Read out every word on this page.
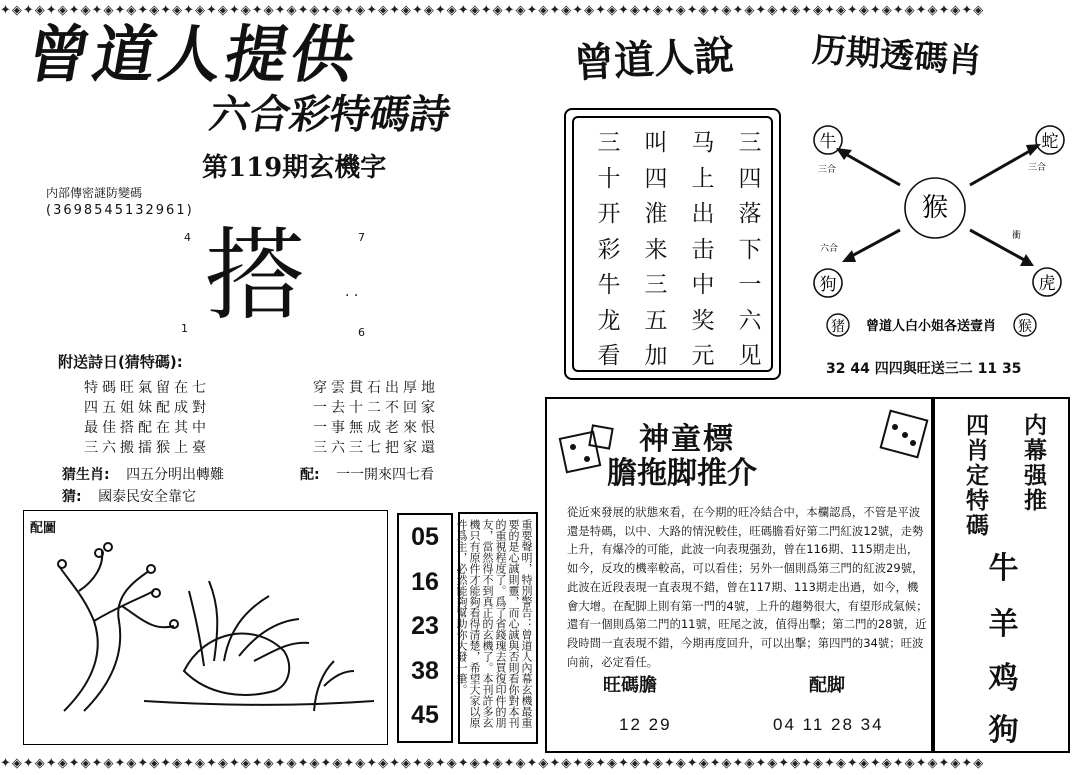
✦◈✦◈✦◈✦◈✦◈✦◈✦◈✦◈✦◈✦◈✦◈✦◈✦◈✦◈✦◈✦◈✦◈✦◈✦◈✦◈✦◈✦◈✦◈✦◈✦◈✦◈✦◈✦◈✦◈✦◈✦◈✦◈✦◈✦◈✦◈✦◈✦◈✦◈✦◈✦◈✦◈✦◈✦◈
曾道人提供
六合彩特碼詩
第119期玄機字
内部傳密謎防變碼
(3698545132961)
4	7
1	6
搭	. .
附送詩日(猜特碼):
特碼旺氣留在七
四五姐妹配成對
最佳搭配在其中
三六搬擂猴上臺
穿雲貫石出厚地
一去十二不回家
一事無成老來恨
三六三七把家還
猜生肖: 四五分明出轉難	配: 一一開來四七看
猜: 國泰民安全靠它
配圖	05
16
23
38
45	重要聲明，特別警告：曾道人內幕玄機最重要的是心誠則靈，而心誠與否則看你對本刊的重視程度了。爲了省錢瑰去買復印件的朋友，當然得不到真正的玄機了。本刊許多玄機只有原件才能夠看得清楚，希望大家以原件爲主，必然能夠幫助你大發一筆。
曾道人說
三	叫	马	三
十	四	上	四
开	淮	出	落
彩	来	击	下
牛	三	中	一
龙	五	奖	六
看	加	元	见
历期透碼肖
猴
牛	蛇
狗	虎
三合	三合
六合
衝
猪 曾道人白小姐各送壹肖 猴
32 44 四四與旺送三二 11 35
神童標
膽拖脚推介
從近來發展的狀態來看，在今期的旺冷結合中，本欄認爲，不管是平波還是特碼，以中、大路的情況較佳，旺碼膽看好第二門紅波12號，走勢上升，有爆冷的可能，此波一向表現强劲，曾在116期、115期走出，如今，反攻的機率較高，可以看佳；另外一個則爲第三門的紅波29號，此波在近段表現一直表現不錯，曾在117期、113期走出過，如今，機會大增。在配脚上則有第一門的4號，上升的趨勢很大，有望形成氣候；還有一個則爲第二門的11號，旺尾之波，值得出擊；第二門的28號，近段時間一直表現不錯，今期再度回升，可以出擊；第四門的34號；旺波向前，必定看任。
旺碼膽	配脚
12 29	04 11 28 34
内幕强推
四肖定特碼
牛
羊
鸡
狗
✦◈✦◈✦◈✦◈✦◈✦◈✦◈✦◈✦◈✦◈✦◈✦◈✦◈✦◈✦◈✦◈✦◈✦◈✦◈✦◈✦◈✦◈✦◈✦◈✦◈✦◈✦◈✦◈✦◈✦◈✦◈✦◈✦◈✦◈✦◈✦◈✦◈✦◈✦◈✦◈✦◈✦◈✦◈
